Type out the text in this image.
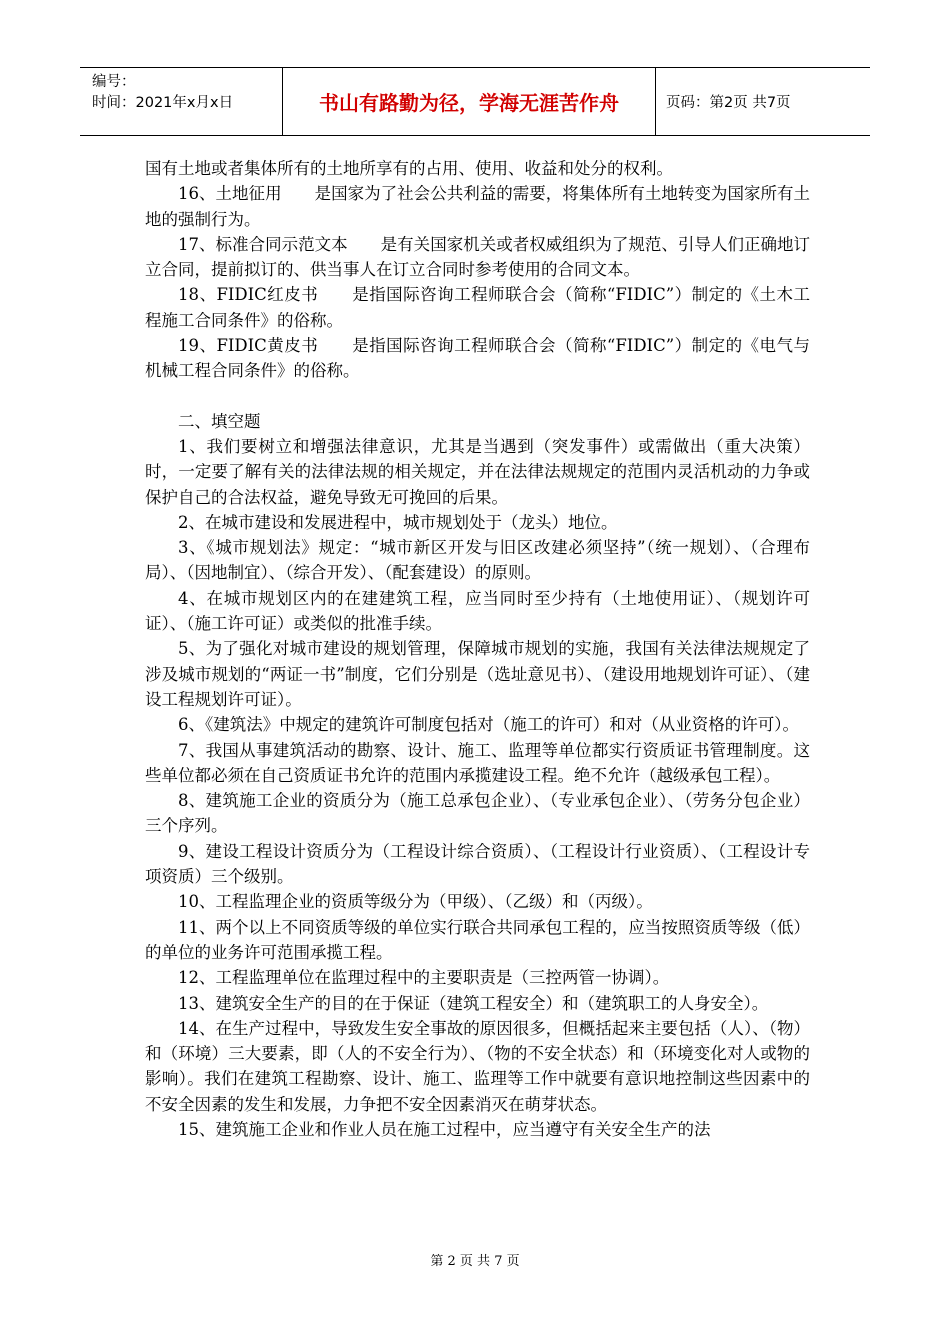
编号：
时间：2021年x月x日	书山有路勤为径，学海无涯苦作舟	页码：第2页 共7页

国有土地或者集体所有的土地所享有的占用、使用、收益和处分的权利。

16、土地征用　　是国家为了社会公共利益的需要，将集体所有土地转变为国家所有土地的强制行为。

17、标准合同示范文本　　是有关国家机关或者权威组织为了规范、引导人们正确地订立合同，提前拟订的、供当事人在订立合同时参考使用的合同文本。

18、FIDIC红皮书　　是指国际咨询工程师联合会（简称“FIDIC”）制定的《土木工程施工合同条件》的俗称。

19、FIDIC黄皮书　　是指国际咨询工程师联合会（简称“FIDIC”）制定的《电气与机械工程合同条件》的俗称。

二、填空题

1、我们要树立和增强法律意识，尤其是当遇到（突发事件）或需做出（重大决策）时，一定要了解有关的法律法规的相关规定，并在法律法规规定的范围内灵活机动的力争或保护自己的合法权益，避免导致无可挽回的后果。

2、在城市建设和发展进程中，城市规划处于（龙头）地位。

3、《城市规划法》规定：“城市新区开发与旧区改建必须坚持”（统一规划）、（合理布局）、（因地制宜）、（综合开发）、（配套建设）的原则。

4、在城市规划区内的在建建筑工程，应当同时至少持有（土地使用证）、（规划许可证）、（施工许可证）或类似的批准手续。

5、为了强化对城市建设的规划管理，保障城市规划的实施，我国有关法律法规规定了涉及城市规划的“两证一书”制度，它们分别是（选址意见书）、（建设用地规划许可证）、（建设工程规划许可证）。

6、《建筑法》中规定的建筑许可制度包括对（施工的许可）和对（从业资格的许可）。

7、我国从事建筑活动的勘察、设计、施工、监理等单位都实行资质证书管理制度。这些单位都必须在自己资质证书允许的范围内承揽建设工程。绝不允许（越级承包工程）。

8、建筑施工企业的资质分为（施工总承包企业）、（专业承包企业）、（劳务分包企业）三个序列。

9、建设工程设计资质分为（工程设计综合资质）、（工程设计行业资质）、（工程设计专项资质）三个级别。

10、工程监理企业的资质等级分为（甲级）、（乙级）和（丙级）。

11、两个以上不同资质等级的单位实行联合共同承包工程的，应当按照资质等级（低）的单位的业务许可范围承揽工程。

12、工程监理单位在监理过程中的主要职责是（三控两管一协调）。

13、建筑安全生产的目的在于保证（建筑工程安全）和（建筑职工的人身安全）。

14、在生产过程中，导致发生安全事故的原因很多，但概括起来主要包括（人）、（物）和（环境）三大要素，即（人的不安全行为）、（物的不安全状态）和（环境变化对人或物的影响）。我们在建筑工程勘察、设计、施工、监理等工作中就要有意识地控制这些因素中的不安全因素的发生和发展，力争把不安全因素消灭在萌芽状态。

15、建筑施工企业和作业人员在施工过程中，应当遵守有关安全生产的法

第 2 页 共 7 页
